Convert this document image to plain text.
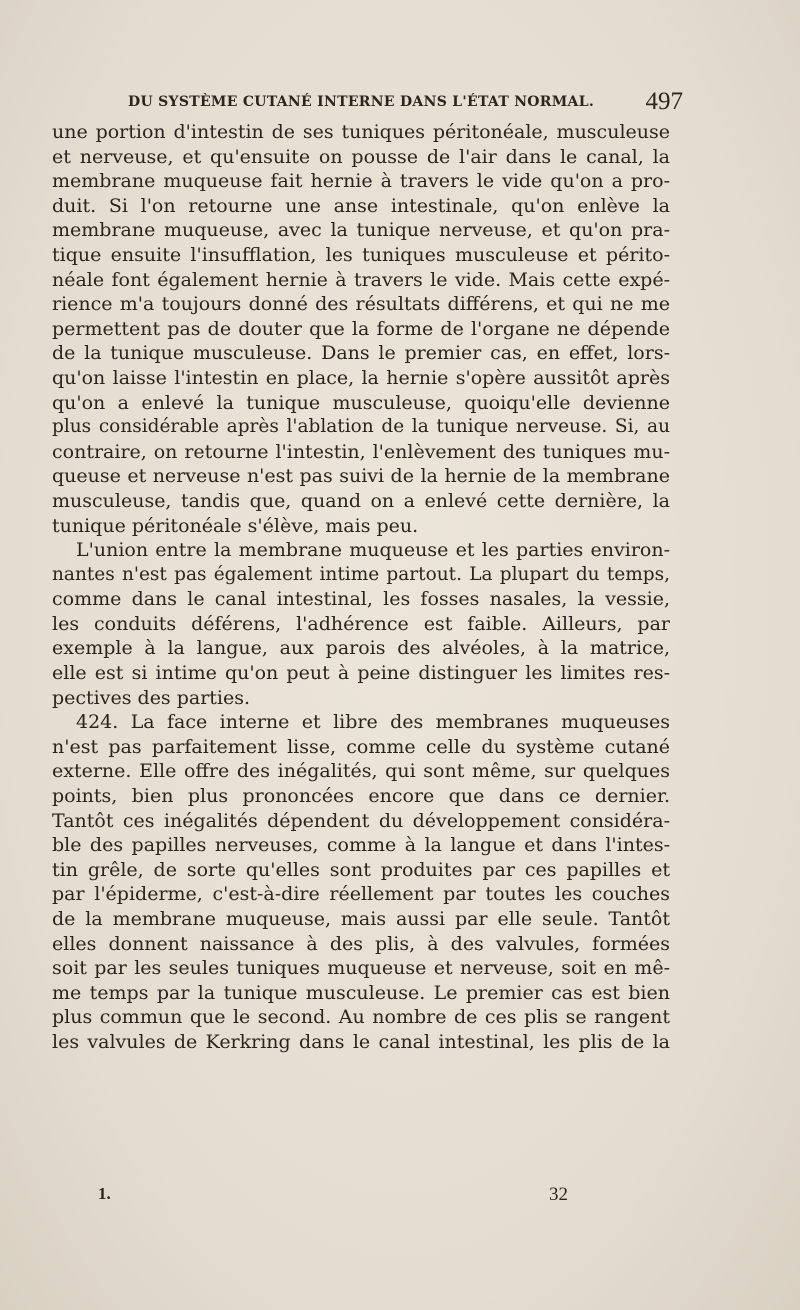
DU SYSTÈME CUTANÉ INTERNE DANS L'ÉTAT NORMAL. 497
une portion d'intestin de ses tuniques péritonéale, musculeuse
et nerveuse, et qu'ensuite on pousse de l'air dans le canal, la
membrane muqueuse fait hernie à travers le vide qu'on a pro-
duit. Si l'on retourne une anse intestinale, qu'on enlève la
membrane muqueuse, avec la tunique nerveuse, et qu'on pra-
tique ensuite l'insufflation, les tuniques musculeuse et périto-
néale font également hernie à travers le vide. Mais cette expé-
rience m'a toujours donné des résultats différens, et qui ne me
permettent pas de douter que la forme de l'organe ne dépende
de la tunique musculeuse. Dans le premier cas, en effet, lors-
qu'on laisse l'intestin en place, la hernie s'opère aussitôt après
qu'on a enlevé la tunique musculeuse, quoiqu'elle devienne
plus considérable après l'ablation de la tunique nerveuse. Si, au
contraire, on retourne l'intestin, l'enlèvement des tuniques mu-
queuse et nerveuse n'est pas suivi de la hernie de la membrane
musculeuse, tandis que, quand on a enlevé cette dernière, la
tunique péritonéale s'élève, mais peu.
L'union entre la membrane muqueuse et les parties environ-
nantes n'est pas également intime partout. La plupart du temps,
comme dans le canal intestinal, les fosses nasales, la vessie,
les conduits déférens, l'adhérence est faible. Ailleurs, par
exemple à la langue, aux parois des alvéoles, à la matrice,
elle est si intime qu'on peut à peine distinguer les limites res-
pectives des parties.
424. La face interne et libre des membranes muqueuses
n'est pas parfaitement lisse, comme celle du système cutané
externe. Elle offre des inégalités, qui sont même, sur quelques
points, bien plus prononcées encore que dans ce dernier.
Tantôt ces inégalités dépendent du développement considéra-
ble des papilles nerveuses, comme à la langue et dans l'intes-
tin grêle, de sorte qu'elles sont produites par ces papilles et
par l'épiderme, c'est-à-dire réellement par toutes les couches
de la membrane muqueuse, mais aussi par elle seule. Tantôt
elles donnent naissance à des plis, à des valvules, formées
soit par les seules tuniques muqueuse et nerveuse, soit en mê-
me temps par la tunique musculeuse. Le premier cas est bien
plus commun que le second. Au nombre de ces plis se rangent
les valvules de Kerkring dans le canal intestinal, les plis de la
1.	32
